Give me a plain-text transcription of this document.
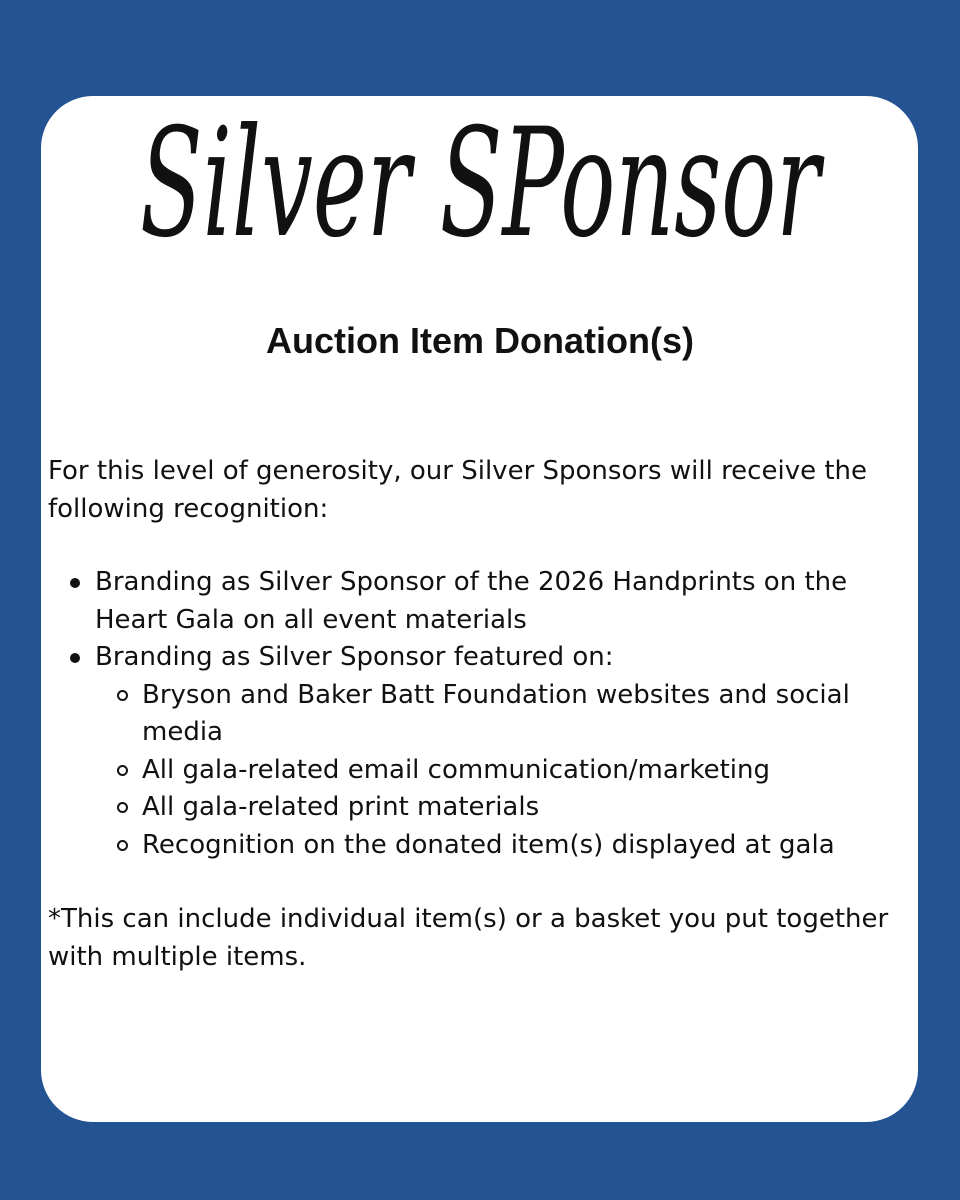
Silver SPonsor
Auction Item Donation(s)

For this level of generosity, our Silver Sponsors will receive the following recognition:

Branding as Silver Sponsor of the 2026 Handprints on the Heart Gala on all event materials
Branding as Silver Sponsor featured on:
Bryson and Baker Batt Foundation websites and social media
All gala-related email communication/marketing
All gala-related print materials
Recognition on the donated item(s) displayed at gala

*This can include individual item(s) or a basket you put together with multiple items.
